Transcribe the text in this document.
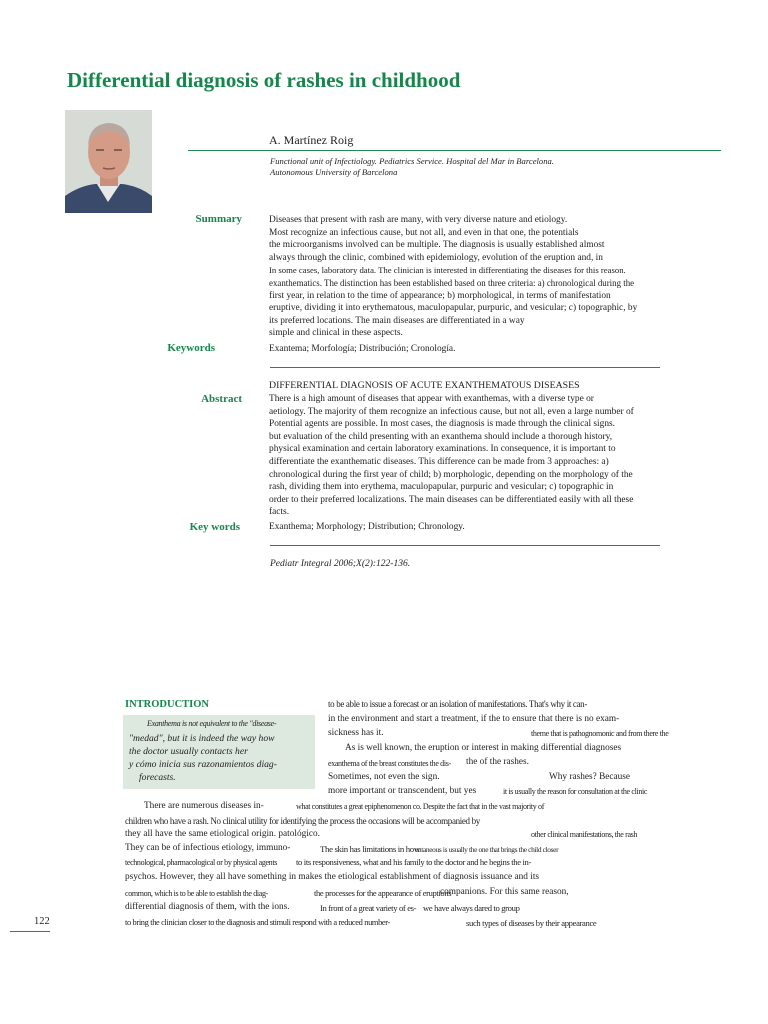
Differential diagnosis of rashes in childhood
A. Martínez Roig
Functional unit of Infectiology. Pediatrics Service. Hospital del Mar in Barcelona.
Autonomous University of Barcelona
Summary	Diseases that present with rash are many, with very diverse nature and etiology.
Most recognize an infectious cause, but not all, and even in that one, the potentials
the microorganisms involved can be multiple. The diagnosis is usually established almost
always through the clinic, combined with epidemiology, evolution of the eruption and, in
In some cases, laboratory data. The clinician is interested in differentiating the diseases for this reason.
exanthematics. The distinction has been established based on three criteria: a) chronological during the
first year, in relation to the time of appearance; b) morphological, in terms of manifestation
eruptive, dividing it into erythematous, maculopapular, purpuric, and vesicular; c) topographic, by
its preferred locations. The main diseases are differentiated in a way
simple and clinical in these aspects.
Keywords	Exantema; Morfología; Distribución; Cronología.
DIFFERENTIAL DIAGNOSIS OF ACUTE EXANTHEMATOUS DISEASES
Abstract	There is a high amount of diseases that appear with exanthemas, with a diverse type or
aetiology. The majority of them recognize an infectious cause, but not all, even a large number of
Potential agents are possible. In most cases, the diagnosis is made through the clinical signs.
but evaluation of the child presenting with an exanthema should include a thorough history,
physical examination and certain laboratory examinations. In consequence, it is important to
differentiate the exanthematic diseases. This difference can be made from 3 approaches: a)
chronological during the first year of child; b) morphologic, depending on the morphology of the
rash, dividing them into erythema, maculopapular, purpuric and vesicular; c) topographic in
order to their preferred localizations. The main diseases can be differentiated easily with all these
facts.
Key words	Exanthema; Morphology; Distribution; Chronology.
Pediatr Integral 2006;X(2):122-136.
INTRODUCTION
Exanthema is not equivalent to the "disease-
"medad", but it is indeed the way how
the doctor usually contacts her
y cómo inicia sus razonamientos diag-
forecasts.
to be able to issue a forecast or an isolation of manifestations. That's why it can-
in the environment and start a treatment, if the to ensure that there is no exam-
sickness has it.	theme that is pathognomonic and from there the
As is well known, the eruption or interest in making differential diagnoses
exanthema of the breast constitutes the dis- the of the rashes.
Sometimes, not even the sign.	Why rashes? Because
more important or transcendent, but yes	it is usually the reason for consultation at the clinic
There are numerous diseases in-	what constitutes a great epiphenomenon co. Despite the fact that in the vast majority of
children who have a rash. No clinical utility for identifying the process the occasions will be accompanied by
they all have the same etiological origin. patológico.	other clinical manifestations, the rash
They can be of infectious etiology, immuno-	The skin has limitations in how
cutaneous is usually the one that brings the child closer
technological, pharmacological or by physical agents to its responsiveness, what and his family to the doctor and he begins the in-
psychos. However, they all have something in makes the etiological establishment of diagnosis issuance and its
common, which is to be able to establish the diag-	the processes for the appearance of eruptions
companions. For this same reason,
differential diagnosis of them, with the ions.	In front of a great variety of es- we have always dared to group
to bring the clinician closer to the diagnosis and stimuli respond with a reduced number-	such types of diseases by their appearance
122
